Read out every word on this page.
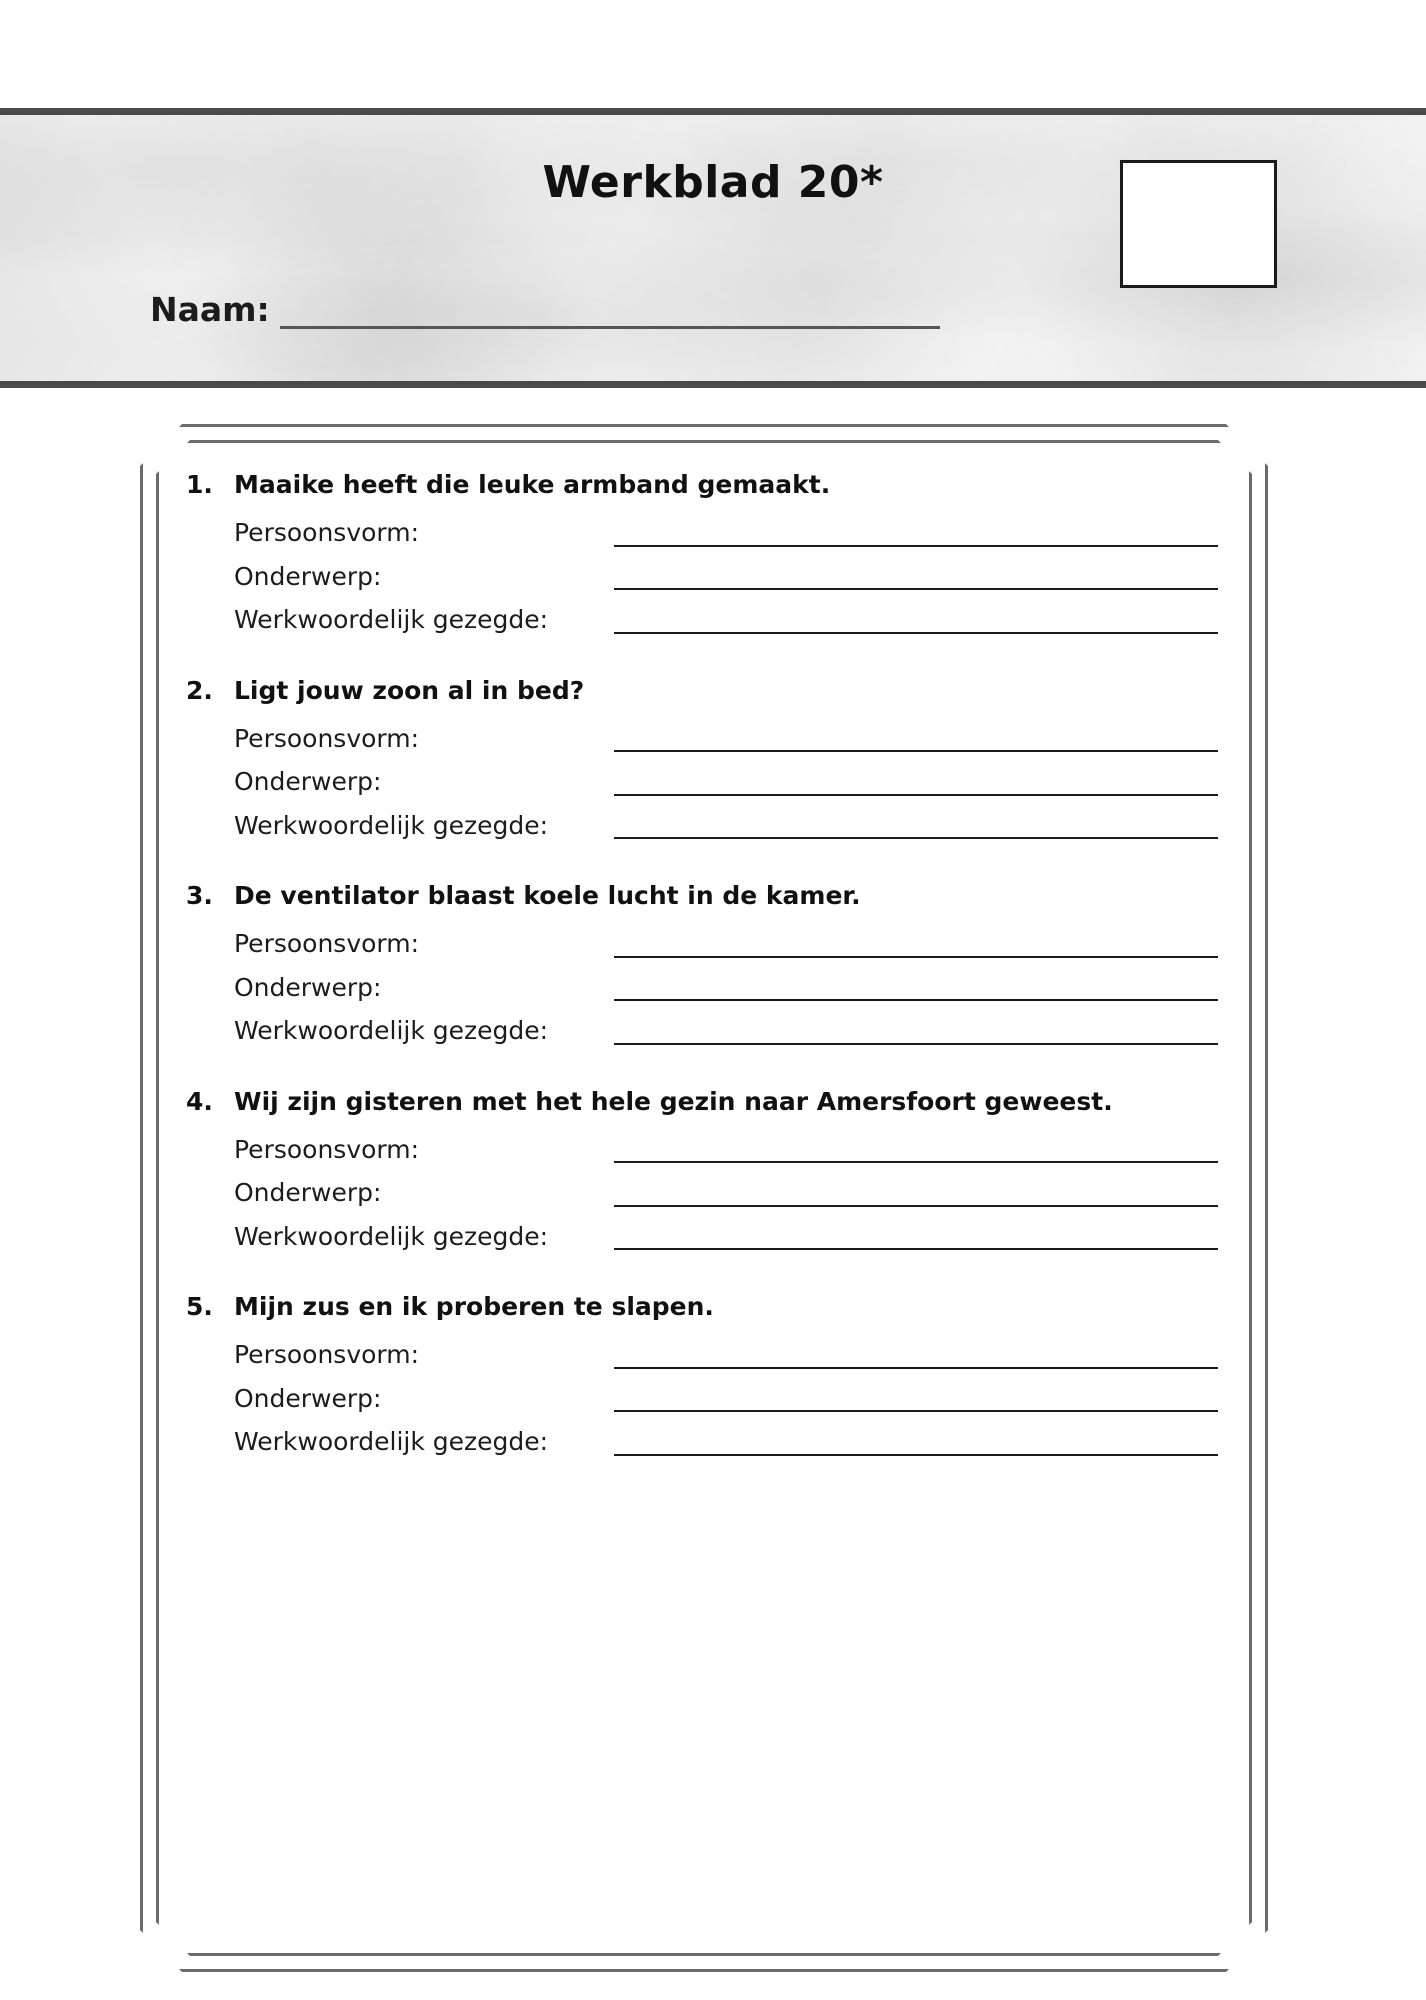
Werkblad 20*
Naam:
1. Maaike heeft die leuke armband gemaakt.
Persoonsvorm:
Onderwerp:
Werkwoordelijk gezegde:
2. Ligt jouw zoon al in bed?
Persoonsvorm:
Onderwerp:
Werkwoordelijk gezegde:
3. De ventilator blaast koele lucht in de kamer.
Persoonsvorm:
Onderwerp:
Werkwoordelijk gezegde:
4. Wij zijn gisteren met het hele gezin naar Amersfoort geweest.
Persoonsvorm:
Onderwerp:
Werkwoordelijk gezegde:
5. Mijn zus en ik proberen te slapen.
Persoonsvorm:
Onderwerp:
Werkwoordelijk gezegde:
